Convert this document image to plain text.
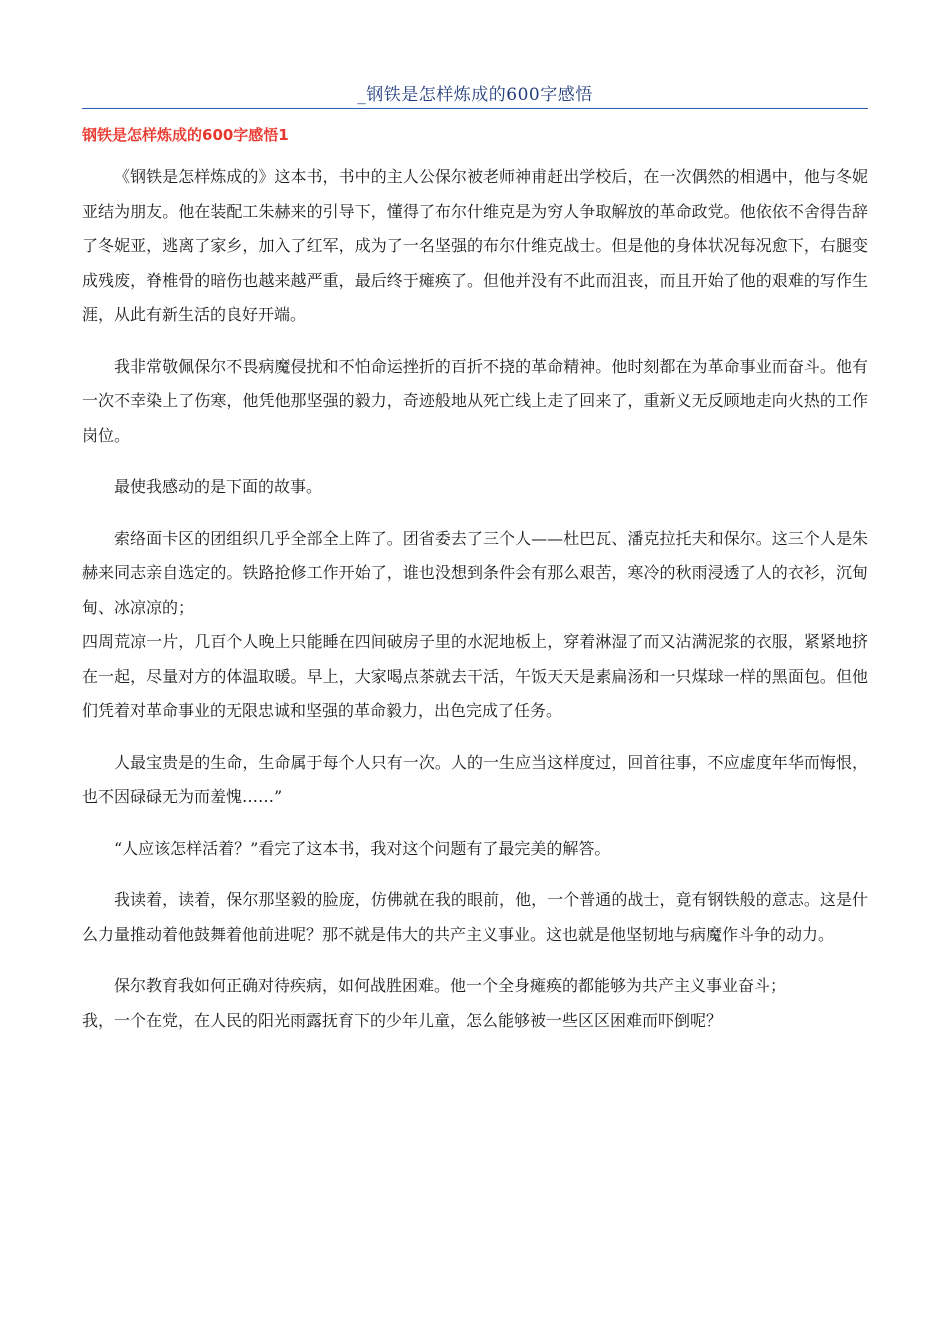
_钢铁是怎样炼成的600字感悟
钢铁是怎样炼成的600字感悟1

《钢铁是怎样炼成的》这本书，书中的主人公保尔被老师神甫赶出学校后，在一次偶然的相遇中，他与冬妮亚结为朋友。他在装配工朱赫来的引导下，懂得了布尔什维克是为穷人争取解放的革命政党。他依依不舍得告辞了冬妮亚，逃离了家乡，加入了红军，成为了一名坚强的布尔什维克战士。但是他的身体状况每况愈下，右腿变成残废，脊椎骨的暗伤也越来越严重，最后终于瘫痪了。但他并没有不此而沮丧，而且开始了他的艰难的写作生涯，从此有新生活的良好开端。

我非常敬佩保尔不畏病魔侵扰和不怕命运挫折的百折不挠的革命精神。他时刻都在为革命事业而奋斗。他有一次不幸染上了伤寒，他凭他那坚强的毅力，奇迹般地从死亡线上走了回来了，重新义无反顾地走向火热的工作岗位。

最使我感动的是下面的故事。

索络面卡区的团组织几乎全部全上阵了。团省委去了三个人——杜巴瓦、潘克拉托夫和保尔。这三个人是朱赫来同志亲自选定的。铁路抢修工作开始了，谁也没想到条件会有那么艰苦，寒冷的秋雨浸透了人的衣衫，沉甸甸、冰凉凉的；

四周荒凉一片，几百个人晚上只能睡在四间破房子里的水泥地板上，穿着淋湿了而又沾满泥浆的衣服，紧紧地挤在一起，尽量对方的体温取暖。早上，大家喝点茶就去干活，午饭天天是素扁汤和一只煤球一样的黑面包。但他们凭着对革命事业的无限忠诚和坚强的革命毅力，出色完成了任务。

人最宝贵是的生命，生命属于每个人只有一次。人的一生应当这样度过，回首往事，不应虚度年华而悔恨，也不因碌碌无为而羞愧……”

“人应该怎样活着？”看完了这本书，我对这个问题有了最完美的解答。

我读着，读着，保尔那坚毅的脸庞，仿佛就在我的眼前，他，一个普通的战士，竟有钢铁般的意志。这是什么力量推动着他鼓舞着他前进呢？那不就是伟大的共产主义事业。这也就是他坚韧地与病魔作斗争的动力。

保尔教育我如何正确对待疾病，如何战胜困难。他一个全身瘫痪的都能够为共产主义事业奋斗；

我，一个在党，在人民的阳光雨露抚育下的少年儿童，怎么能够被一些区区困难而吓倒呢？
